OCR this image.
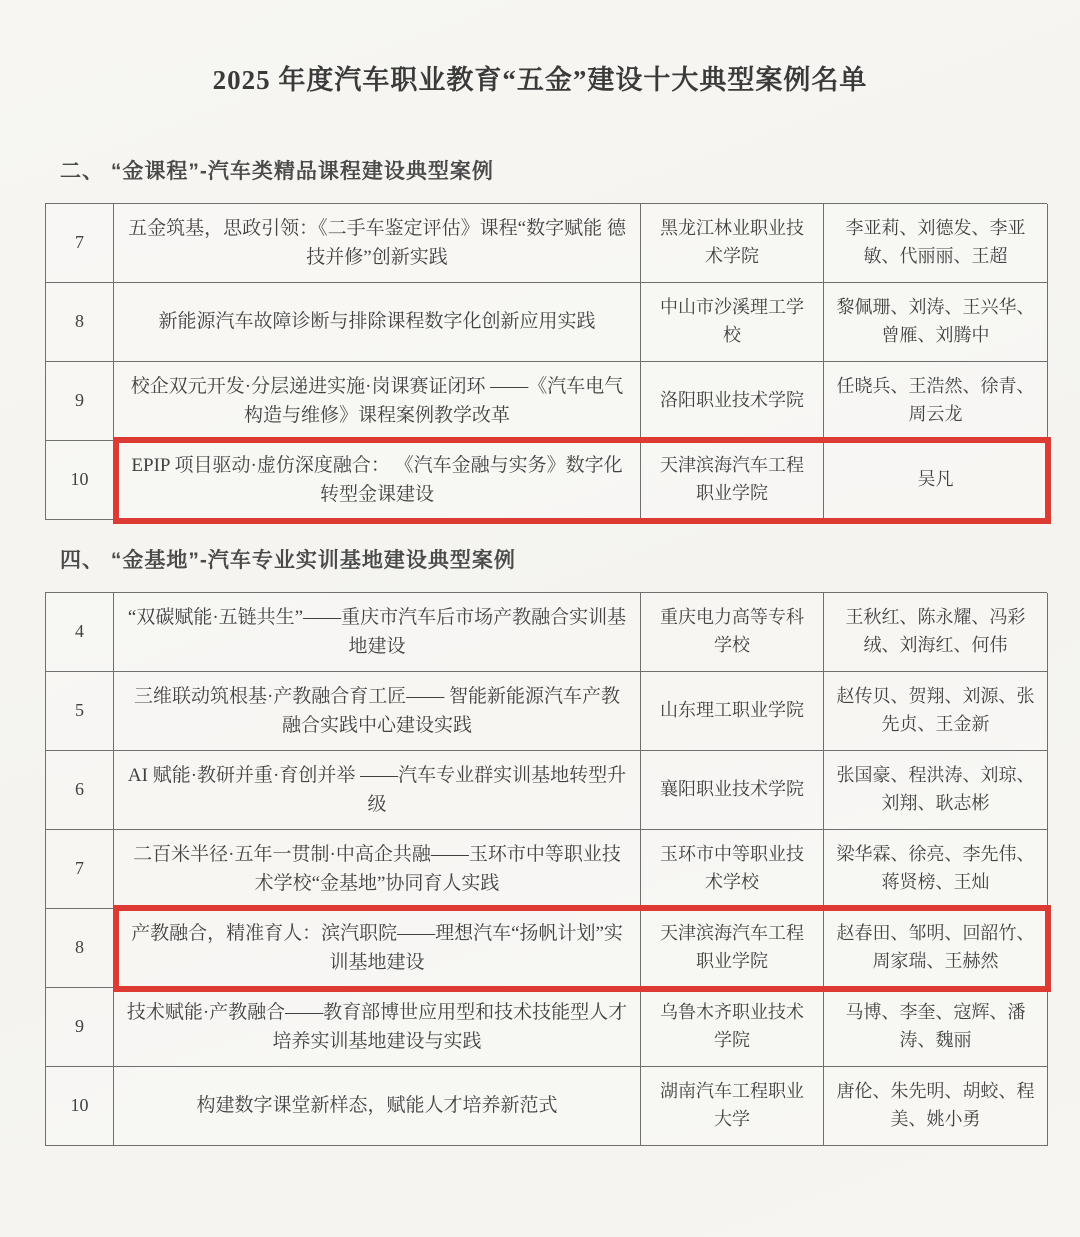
2025 年度汽车职业教育“五金”建设十大典型案例名单
二、 “金课程”-汽车类精品课程建设典型案例
7
五金筑基，思政引领：《二手车鉴定评估》课程“数字赋能 德技并修”创新实践
黑龙江林业职业技术学院
李亚莉、刘德发、李亚敏、代丽丽、王超
8	新能源汽车故障诊断与排除课程数字化创新应用实践
中山市沙溪理工学校
黎佩珊、刘涛、王兴华、曾雁、刘腾中
9
校企双元开发·分层递进实施·岗课赛证闭环 ——《汽车电气构造与维修》课程案例教学改革
洛阳职业技术学院
任晓兵、王浩然、徐青、周云龙
10
EPIP 项目驱动·虚仿深度融合： 《汽车金融与实务》数字化转型金课建设
天津滨海汽车工程职业学院
吴凡
四、 “金基地”-汽车专业实训基地建设典型案例
4
“双碳赋能·五链共生”——重庆市汽车后市场产教融合实训基地建设
重庆电力高等专科学校
王秋红、陈永耀、冯彩绒、刘海红、何伟
5
三维联动筑根基·产教融合育工匠—— 智能新能源汽车产教融合实践中心建设实践
山东理工职业学院
赵传贝、贺翔、刘源、张先贞、王金新
6
AI 赋能·教研并重·育创并举 ——汽车专业群实训基地转型升级
襄阳职业技术学院
张国豪、程洪涛、刘琼、刘翔、耿志彬
7
二百米半径·五年一贯制·中高企共融——玉环市中等职业技术学校“金基地”协同育人实践
玉环市中等职业技术学校
梁华霖、徐亮、李先伟、蒋贤榜、王灿
8
产教融合，精准育人：滨汽职院——理想汽车“扬帆计划”实训基地建设
天津滨海汽车工程职业学院
赵春田、邹明、回韶竹、周家瑞、王赫然
9
技术赋能·产教融合——教育部博世应用型和技术技能型人才培养实训基地建设与实践
乌鲁木齐职业技术学院
马博、李奎、寇辉、潘涛、魏丽
10	构建数字课堂新样态，赋能人才培养新范式
湖南汽车工程职业大学
唐伦、朱先明、胡蛟、程美、姚小勇
